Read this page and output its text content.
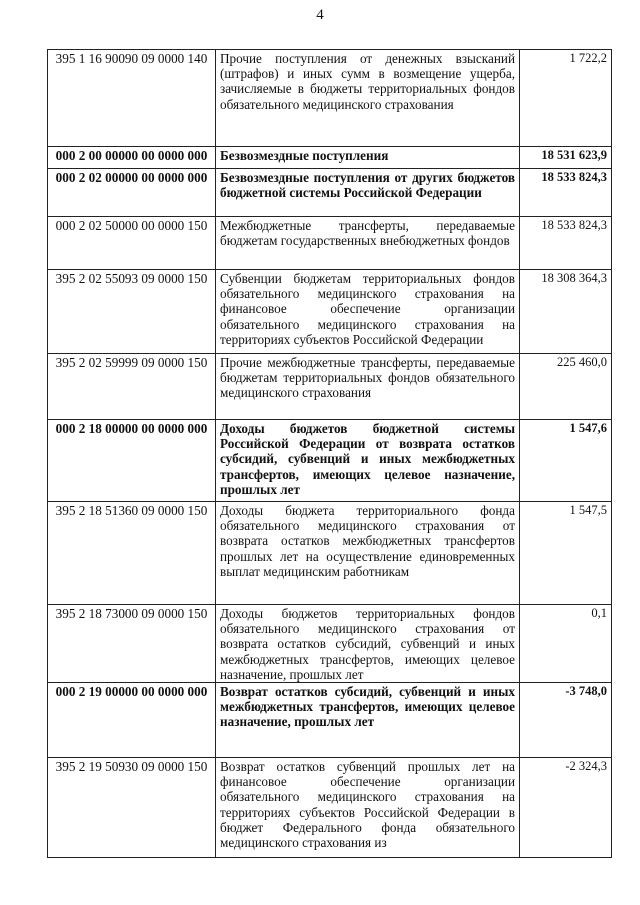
4
395 1 16 90090 09 0000 140	Прочие поступления от денежных взысканий (штрафов) и иных сумм в возмещение ущерба, зачисляемые в бюджеты территориальных фондов обязательного медицинского страхования	1 722,2
000 2 00 00000 00 0000 000	Безвозмездные поступления	18 531 623,9
000 2 02 00000 00 0000 000	Безвозмездные поступления от других бюджетов бюджетной системы Российской Федерации	18 533 824,3
000 2 02 50000 00 0000 150	Межбюджетные трансферты, передаваемые бюджетам государственных внебюджетных фондов	18 533 824,3
395 2 02 55093 09 0000 150	Субвенции бюджетам территориальных фондов обязательного медицинского страхования на финансовое обеспечение организации обязательного медицинского страхования на территориях субъектов Российской Федерации	18 308 364,3
395 2 02 59999 09 0000 150	Прочие межбюджетные трансферты, передаваемые бюджетам территориальных фондов обязательного медицинского страхования	225 460,0
000 2 18 00000 00 0000 000	Доходы бюджетов бюджетной системы Российской Федерации от возврата остатков субсидий, субвенций и иных межбюджетных трансфертов, имеющих целевое назначение, прошлых лет	1 547,6
395 2 18 51360 09 0000 150	Доходы бюджета территориального фонда обязательного медицинского страхования от возврата остатков межбюджетных трансфертов прошлых лет на осуществление единовременных выплат медицинским работникам	1 547,5
395 2 18 73000 09 0000 150	Доходы бюджетов территориальных фондов обязательного медицинского страхования от возврата остатков субсидий, субвенций и иных межбюджетных трансфертов, имеющих целевое назначение, прошлых лет	0,1
000 2 19 00000 00 0000 000	Возврат остатков субсидий, субвенций и иных межбюджетных трансфертов, имеющих целевое назначение, прошлых лет	-3 748,0
395 2 19 50930 09 0000 150	Возврат остатков субвенций прошлых лет на финансовое обеспечение организации обязательного медицинского страхования на территориях субъектов Российской Федерации в бюджет Федерального фонда обязательного медицинского страхования из	-2 324,3
